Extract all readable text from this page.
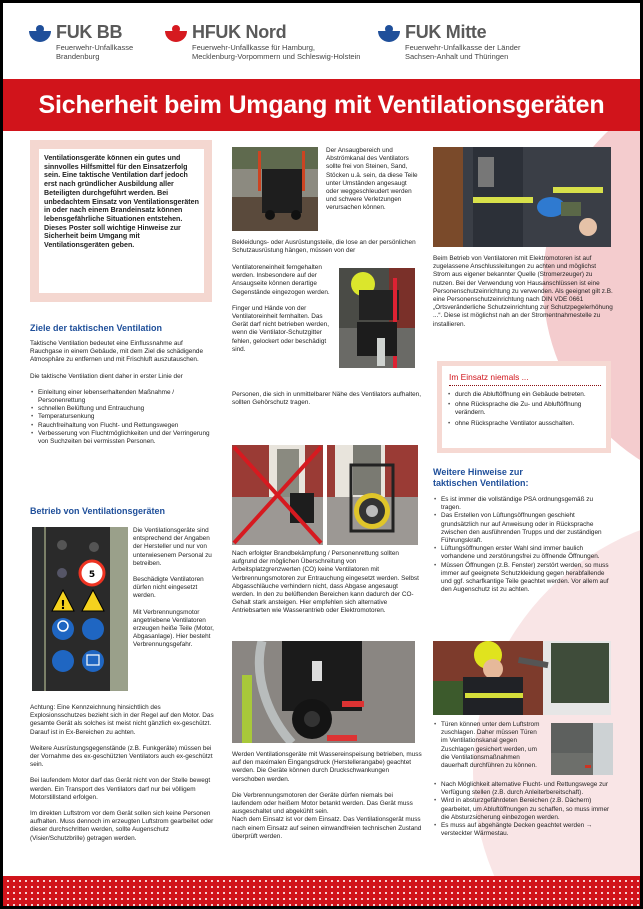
FUK BB
Feuerwehr-Unfallkasse
Brandenburg
HFUK Nord
Feuerwehr-Unfallkasse für Hamburg,
Mecklenburg-Vorpommern und Schleswig-Holstein
FUK Mitte
Feuerwehr-Unfallkasse der Länder
Sachsen-Anhalt und Thüringen
Sicherheit beim Umgang mit Ventilationsgeräten
Ventilationsgeräte können ein gutes und sinnvolles Hilfsmittel für den Einsatzerfolg sein. Eine taktische Ventilation darf jedoch erst nach gründlicher Ausbildung aller Beteiligten durchgeführt werden. Bei unbedachtem Einsatz von Ventilationsgeräten in oder nach einem Brandeinsatz können lebensgefährliche Situationen entstehen. Dieses Poster soll wichtige Hinweise zur Sicherheit beim Umgang mit Ventilationsgeräten geben.
Ziele der taktischen Ventilation

Taktische Ventilation bedeutet eine Einflussnahme auf Rauchgase in einem Gebäude, mit dem Ziel die schädigende Atmosphäre zu entfernen und mit Frischluft auszutauschen.

Die taktische Ventilation dient daher in erster Linie der

• Einleitung einer lebenserhaltenden Maßnahme / Personenrettung
• schnellen Belüftung und Entrauchung
• Temperatursenkung
• Rauchfreihaltung von Flucht- und Rettungswegen
• Verbesserung von Fluchtmöglichkeiten und der Verringerung von Suchzeiten bei vermissten Personen.
Betrieb von Ventilationsgeräten
5
!

Die Ventilationsgeräte sind entsprechend der Angaben der Hersteller und nur von unterwiesenem Personal zu betreiben.

Beschädigte Ventilatoren dürfen nicht eingesetzt werden.

Mit Verbrennungsmotor angetriebene Ventilatoren erzeugen heiße Teile (Motor, Abgasanlage). Hier besteht Verbrennungsgefahr.

Achtung: Eine Kennzeichnung hinsichtlich des Explosionsschutzes bezieht sich in der Regel auf den Motor. Das gesamte Gerät als solches ist meist nicht gänzlich ex-geschützt. Darauf ist in Ex-Bereichen zu achten.

Weitere Ausrüstungsgegenstände (z.B. Funkgeräte) müssen bei der Vornahme des ex-geschützten Ventilators auch ex-geschützt sein.

Bei laufendem Motor darf das Gerät nicht von der Stelle bewegt werden. Ein Transport des Ventilators darf nur bei völligem Motorstillstand erfolgen.

Im direkten Luftstrom vor dem Gerät sollen sich keine Personen aufhalten. Muss dennoch im erzeugten Luftstrom gearbeitet oder dieser durchschritten werden, sollte Augenschutz (Visier/Schutzbrille) getragen werden.

Der Ansaugbereich und Abströmkanal des Ventilators sollte frei von Steinen, Sand, Stöcken u.ä. sein, da diese Teile unter Umständen angesaugt oder weggeschleudert werden und schwere Verletzungen verursachen können.

Bekleidungs- oder Ausrüstungsteile, die lose an der persönlichen Schutzausrüstung hängen, müssen von der

Ventilatoreneinheit ferngehalten werden. Insbesondere auf der Ansaugseite können derartige Gegenstände eingezogen werden.

Finger und Hände von der Ventilatoreinheit fernhalten. Das Gerät darf nicht betrieben werden, wenn die Ventilator-Schutzgitter fehlen, gelockert oder beschädigt sind.

Personen, die sich in unmittelbarer Nähe des Ventilators aufhalten, sollten Gehörschutz tragen.

Nach erfolgter Brandbekämpfung / Personenrettung sollten aufgrund der möglichen Überschreitung von Arbeitsplatzgrenzwerten (CO) keine Ventilatoren mit Verbrennungsmotoren zur Entrauchung eingesetzt werden. Selbst Abgasschläuche verhindern nicht, dass Abgase angesaugt werden. In den zu belüftenden Bereichen kann dadurch der CO-Gehalt stark ansteigen. Hier empfehlen sich alternative Antriebsarten wie Wasserantrieb oder Elektromotoren.

Werden Ventilationsgeräte mit Wassereinspeisung betrieben, muss auf den maximalen Eingangsdruck (Herstellerangabe) geachtet werden. Die Geräte können durch Druckschwankungen verschoben werden.

Die Verbrennungsmotoren der Geräte dürfen niemals bei laufendem oder heißem Motor betankt werden. Das Gerät muss ausgeschaltet und abgekühlt sein.
Nach dem Einsatz ist vor dem Einsatz. Das Ventilationsgerät muss nach einem Einsatz auf seinen einwandfreien technischen Zustand überprüft werden.

Beim Betrieb von Ventilatoren mit Elektromotoren ist auf zugelassene Anschlussleitungen zu achten und möglichst Strom aus eigener bekannter Quelle (Stromerzeuger) zu nutzen. Bei der Verwendung von Hausanschlüssen ist eine Personenschutzeinrichtung zu verwenden. Als geeignet gilt z.B. eine Personenschutzeinrichtung nach DIN VDE 0661 „Ortsveränderliche Schutzeinrichtung zur Schutzpegelerhöhung ...“. Diese ist möglichst nah an der Stromentnahmestelle zu installieren.

Im Einsatz niemals ...
• durch die Abluftöffnung ein Gebäude betreten.
• ohne Rücksprache die Zu- und Abluftöffnung verändern.
• ohne Rücksprache Ventilator ausschalten.
Weitere Hinweise zur
taktischen Ventilation:
• Es ist immer die vollständige PSA ordnungsgemäß zu tragen.
• Das Erstellen von Lüftungsöffnungen geschieht grundsätzlich nur auf Anweisung oder in Rücksprache zwischen den ausführenden Trupps und der zuständigen Führungskraft.
• Lüftungsöffnungen erster Wahl sind immer baulich vorhandene und zerstörungsfrei zu öffnende Öffnungen.
• Müssen Öffnungen (z.B. Fenster) zerstört werden, so muss immer auf geeignete Schutzkleidung gegen herabfallende und ggf. scharfkantige Teile geachtet werden. Vor allem auf den Augenschutz ist zu achten.
• Türen können unter dem Luftstrom zuschlagen. Daher müssen Türen im Ventilationskanal gegen Zuschlagen gesichert werden, um die Ventilationsmaßnahmen dauerhaft durchführen zu können.
• Nach Möglichkeit alternative Flucht- und Rettungswege zur Verfügung stellen (z.B. durch Anleiterbereitschaft).
• Wird in absturzgefährdeten Bereichen (z.B. Dächern) gearbeitet, um Abluftöffnungen zu schaffen, so muss immer die Absturzsicherung einbezogen werden.
• Es muss auf abgehängte Decken geachtet werden → versteckter Wärmestau.
